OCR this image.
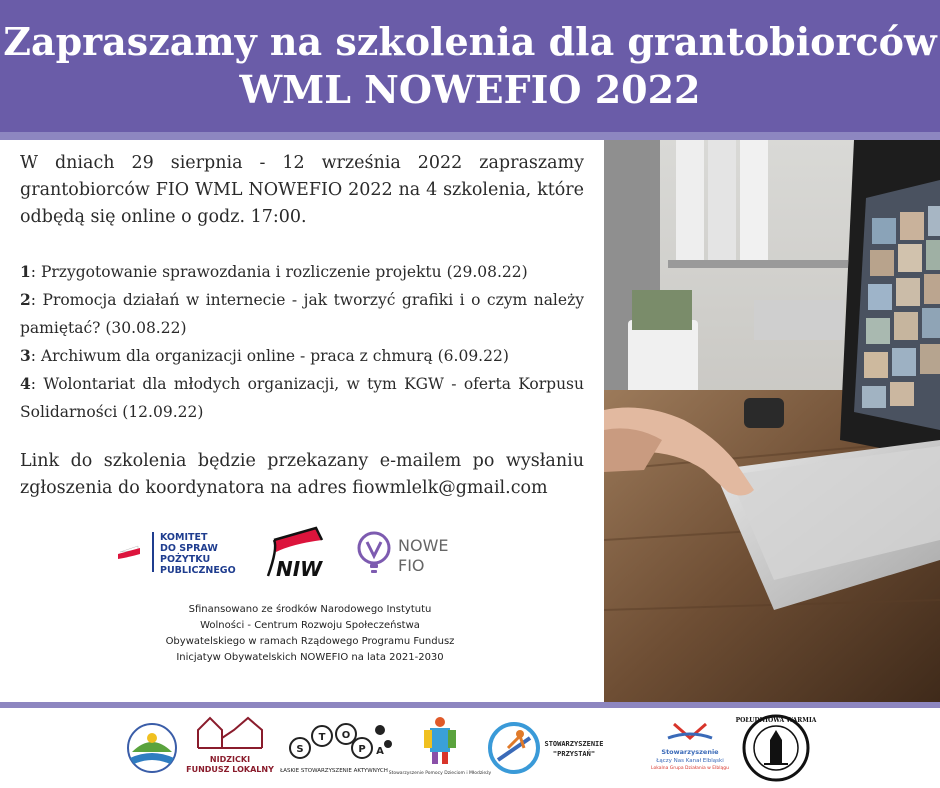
Zapraszamy na szkolenia dla grantobiorców
WML NOWEFIO 2022

W dniach 29 sierpnia - 12 września 2022 zapraszamy grantobiorców FIO WML NOWEFIO 2022 na 4 szkolenia, które odbędą się online o godz. 17:00.

1: Przygotowanie sprawozdania i rozliczenie projektu (29.08.22)

2: Promocja działań w internecie - jak tworzyć grafiki i o czym należy pamiętać? (30.08.22)

3: Archiwum dla organizacji online - praca z chmurą (6.09.22)

4: Wolontariat dla młodych organizacji, w tym KGW - oferta Korpusu Solidarności (12.09.22)

Link do szkolenia będzie przekazany e-mailem po wysłaniu zgłoszenia do koordynatora na adres fiowmlelk@gmail.com

KOMITET
DO SPRAW
POŻYTKU
PUBLICZNEGO NIW
NOWE
FIO
Sfinansowano ze środków Narodowego Instytutu
Wolności - Centrum Rozwoju Społeczeństwa
Obywatelskiego w ramach Rządowego Programu Fundusz
Inicjatyw Obywatelskich NOWEFIO na lata 2021-2030
NIDZICKI
FUNDUSZ LOKALNY
S
T O
P A
ŁASKIE STOWARZYSZENIE AKTYWNYCH Stowarzyszenie Pomocy Dzieciom i Młodzieży
STOWARZYSZENIE
"PRZYSTAŃ"	Stowarzyszenie
Łączy Nas Kanał Elbląski
Lokalna Grupa Działania w Elblągu
POŁUDNIOWA WARMIA
